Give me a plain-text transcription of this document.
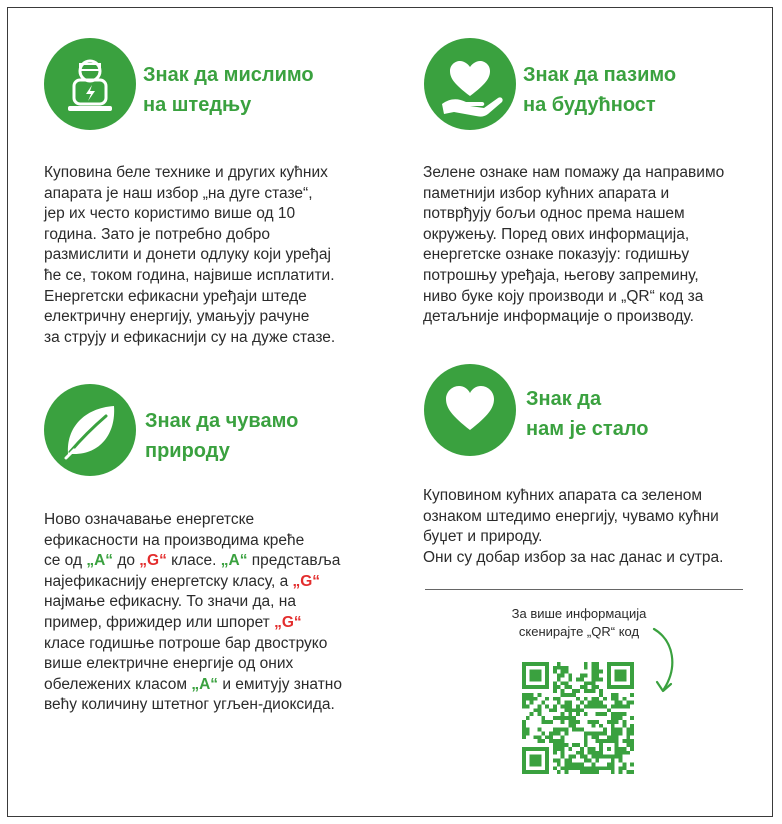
Знак да мислимо
на штедњу
Куповина беле технике и других кућних
апарата је наш избор „на дуге стазе“,
јер их често користимо више од 10
година. Зато је потребно добро
размислити и донети одлуку који уређај
ће се, током година, највише исплатити.
Енергетски ефикасни уређаји штеде
електричну енергију, умањују рачуне
за струју и ефикаснији су на дуже стазе.
Знак да пазимо
на будућност
Зелене ознаке нам помажу да направимо
паметнији избор кућних апарата и
потврђују бољи однос према нашем
окружењу. Поред ових информација,
енергетске ознаке показују: годишњу
потрошњу уређаја, његову запремину,
ниво буке коју производи и „QR“ код за
детаљније информације о производу.
Знак да чувамо
природу
Ново означавање енергетске
ефикасности на производима креће
се од „А“ до „G“ класе. „А“ представља
најефикаснију енергетску класу, а „G“
најмање ефикасну. То значи да, на
пример, фрижидер или шпорет „G“
класе годишње потроше бар двоструко
више електричне енергије од оних
обележених класом „А“ и емитују знатно
већу количину штетног угљен-диоксида.
Знак да
нам је стало
Куповином кућних апарата са зеленом
ознаком штедимо енергију, чувамо кућни
буџет и природу.
Они су добар избор за нас данас и сутра.
За више информација
скенирајте „QR“ код
